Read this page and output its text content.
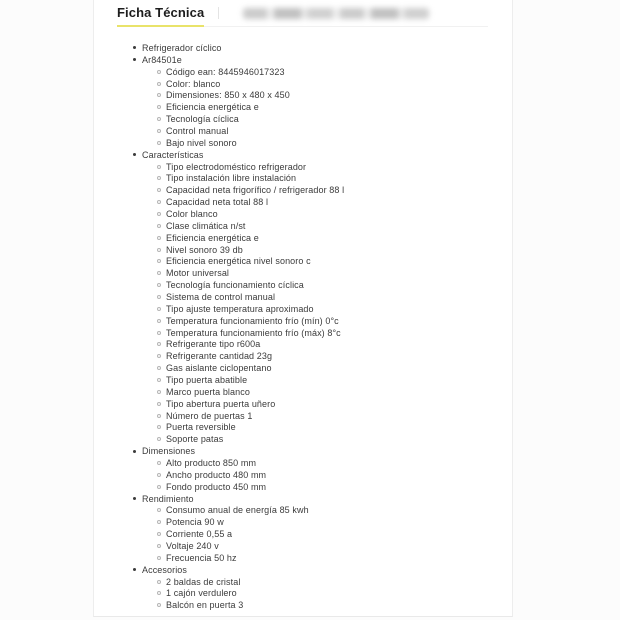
Ficha Técnica
Refrigerador cíclico
Ar84501e
Código ean: 8445946017323
Color: blanco
Dimensiones: 850 x 480 x 450
Eficiencia energética e
Tecnología cíclica
Control manual
Bajo nivel sonoro
Características
Tipo electrodoméstico refrigerador
Tipo instalación libre instalación
Capacidad neta frigorífico / refrigerador 88 l
Capacidad neta total 88 l
Color blanco
Clase climática n/st
Eficiencia energética e
Nivel sonoro 39 db
Eficiencia energética nivel sonoro c
Motor universal
Tecnología funcionamiento cíclica
Sistema de control manual
Tipo ajuste temperatura aproximado
Temperatura funcionamiento frío (mín) 0°c
Temperatura funcionamiento frío (máx) 8°c
Refrigerante tipo r600a
Refrigerante cantidad 23g
Gas aislante ciclopentano
Tipo puerta abatible
Marco puerta blanco
Tipo abertura puerta uñero
Número de puertas 1
Puerta reversible
Soporte patas
Dimensiones
Alto producto 850 mm
Ancho producto 480 mm
Fondo producto 450 mm
Rendimiento
Consumo anual de energía 85 kwh
Potencia 90 w
Corriente 0,55 a
Voltaje 240 v
Frecuencia 50 hz
Accesorios
2 baldas de cristal
1 cajón verdulero
Balcón en puerta 3
